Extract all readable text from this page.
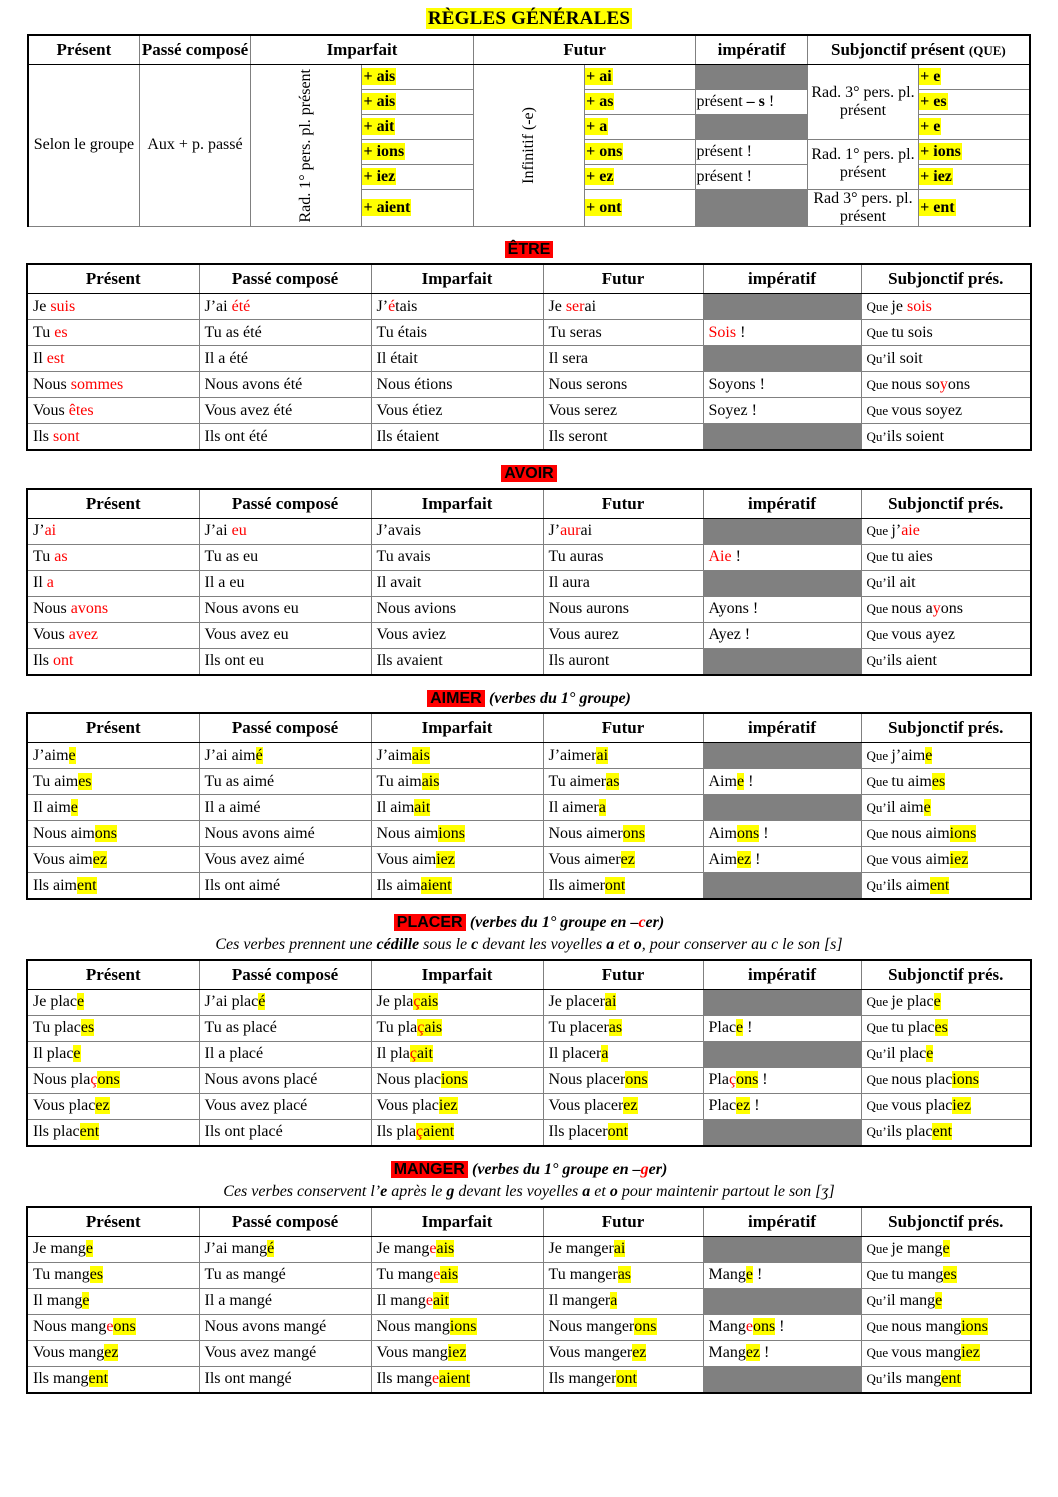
RÈGLES GÉNÉRALES
Présent	Passé composé	Imparfait		Futur		impératif	Subjonctif présent (QUE)	
Selon le groupe	Aux + p. passé	Rad. 1° pers. pl. présent	+ ais	Infinitif (-e)	+ ai		Rad. 3° pers. pl. présent	+ e
			+ ais		+ as	présent – s !		+ es
			+ ait		+ a			+ e
			+ ions		+ ons	présent !	Rad. 1° pers. pl. présent	+ ions
			+ iez		+ ez	présent !		+ iez
			+ aient		+ ont		Rad 3° pers. pl. présent	+ ent
ÊTRE
Présent	Passé composé	Imparfait	Futur	impératif	Subjonctif prés.
Je suis	J’ai été	J’étais	Je serai		Que je sois
Tu es	Tu as été	Tu étais	Tu seras	Sois !	Que tu sois
Il est	Il a été	Il était	Il sera		Qu’il soit
Nous sommes	Nous avons été	Nous étions	Nous serons	Soyons !	Que nous soyons
Vous êtes	Vous avez été	Vous étiez	Vous serez	Soyez !	Que vous soyez
Ils sont	Ils ont été	Ils étaient	Ils seront		Qu’ils soient
AVOIR
Présent	Passé composé	Imparfait	Futur	impératif	Subjonctif prés.
J’ai	J’ai eu	J’avais	J’aurai		Que j’aie
Tu as	Tu as eu	Tu avais	Tu auras	Aie !	Que tu aies
Il a	Il a eu	Il avait	Il aura		Qu’il ait
Nous avons	Nous avons eu	Nous avions	Nous aurons	Ayons !	Que nous ayons
Vous avez	Vous avez eu	Vous aviez	Vous aurez	Ayez !	Que vous ayez
Ils ont	Ils ont eu	Ils avaient	Ils auront		Qu’ils aient
AIMER (verbes du 1° groupe)
Présent	Passé composé	Imparfait	Futur	impératif	Subjonctif prés.
J’aime	J’ai aimé	J’aimais	J’aimerai		Que j’aime
Tu aimes	Tu as aimé	Tu aimais	Tu aimeras	Aime !	Que tu aimes
Il aime	Il a aimé	Il aimait	Il aimera		Qu’il aime
Nous aimons	Nous avons aimé	Nous aimions	Nous aimerons	Aimons !	Que nous aimions
Vous aimez	Vous avez aimé	Vous aimiez	Vous aimerez	Aimez !	Que vous aimiez
Ils aiment	Ils ont aimé	Ils aimaient	Ils aimeront		Qu’ils aiment
PLACER (verbes du 1° groupe en –cer)
Ces verbes prennent une cédille sous le c devant les voyelles a et o, pour conserver au c le son [s]
Présent	Passé composé	Imparfait	Futur	impératif	Subjonctif prés.
Je place	J’ai placé	Je plaçais	Je placerai		Que je place
Tu places	Tu as placé	Tu plaçais	Tu placeras	Place !	Que tu places
Il place	Il a placé	Il plaçait	Il placera		Qu’il place
Nous plaçons	Nous avons placé	Nous placions	Nous placerons	Plaçons !	Que nous placions
Vous placez	Vous avez placé	Vous placiez	Vous placerez	Placez !	Que vous placiez
Ils placent	Ils ont placé	Ils plaçaient	Ils placeront		Qu’ils placent
MANGER (verbes du 1° groupe en –ger)
Ces verbes conservent l’e après le g devant les voyelles a et o pour maintenir partout le son [ʒ]
Présent	Passé composé	Imparfait	Futur	impératif	Subjonctif prés.
Je mange	J’ai mangé	Je mangeais	Je mangerai		Que je mange
Tu manges	Tu as mangé	Tu mangeais	Tu mangeras	Mange !	Que tu manges
Il mange	Il a mangé	Il mangeait	Il mangera		Qu’il mange
Nous mangeons	Nous avons mangé	Nous mangions	Nous mangerons	Mangeons !	Que nous mangions
Vous mangez	Vous avez mangé	Vous mangiez	Vous mangerez	Mangez !	Que vous mangiez
Ils mangent	Ils ont mangé	Ils mangeaient	Ils mangeront		Qu’ils mangent
